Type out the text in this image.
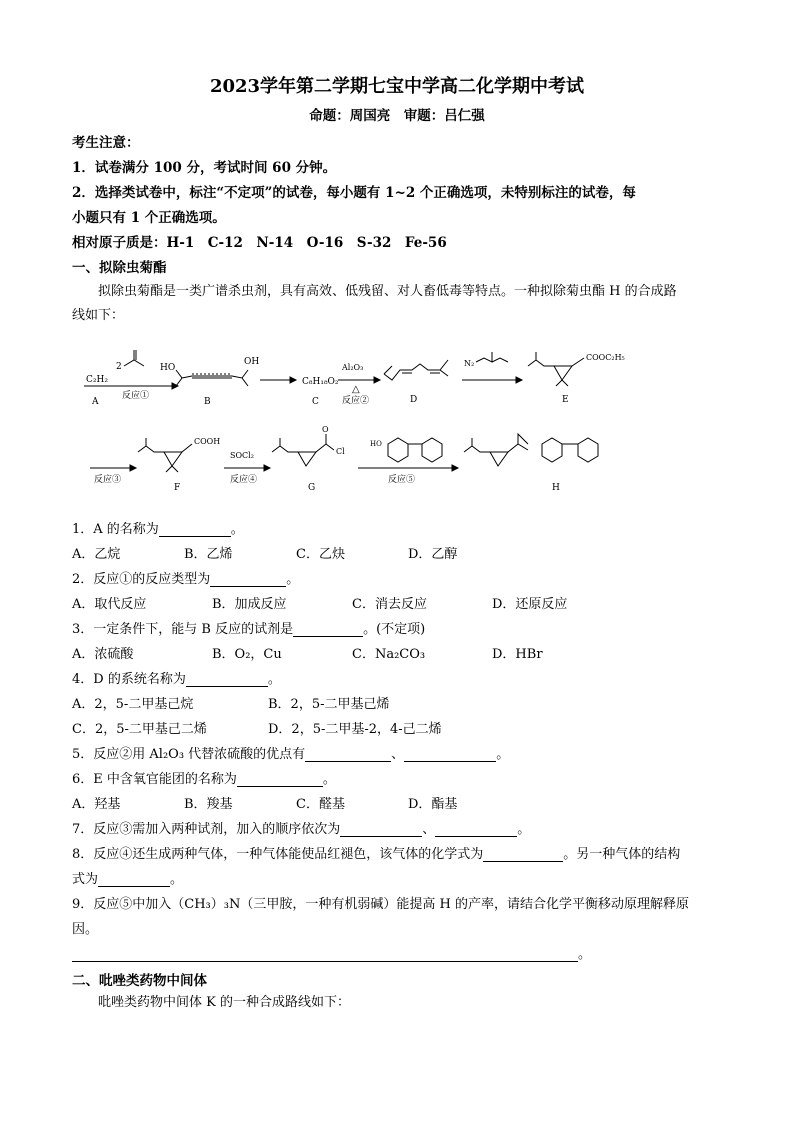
2023学年第二学期七宝中学高二化学期中考试
命题：周国亮　审题：吕仁强
考生注意：
1．试卷满分 100 分，考试时间 60 分钟。
2．选择类试卷中，标注“不定项”的试卷，每小题有 1~2 个正确选项，未特别标注的试卷，每
小题只有 1 个正确选项。
相对原子质是：H-1　C-12　N-14　O-16　S-32　Fe-56
一、拟除虫菊酯
拟除虫菊酯是一类广谱杀虫剂，具有高效、低残留、对人畜低毒等特点。一种拟除菊虫酯 H 的合成路
线如下：
C₂H₂
A
2
反应①
HO
OH
B
C₈H₁₈O₂
C
Al₂O₃
△
反应②	D
N₂
COOC₂H₅
E
反应③
COOH
F
SOCl₂
反应④
O
Cl
G
HO
反应⑤
H
1．A 的名称为	。
A．乙烷	B．乙烯	C．乙炔	D．乙醇
2．反应①的反应类型为	。
A．取代反应	B．加成反应	C．消去反应	D．还原反应
3．一定条件下，能与 B 反应的试剂是	。(不定项)
A．浓硫酸	B．O₂，Cu	C．Na₂CO₃	D．HBr
4．D 的系统名称为	。
A．2，5-二甲基己烷	B．2，5-二甲基己烯
C．2，5-二甲基己二烯	D．2，5-二甲基-2，4-己二烯
5．反应②用 Al₂O₃ 代替浓硫酸的优点有	、	。
6．E 中含氧官能团的名称为	。
A．羟基	B．羧基	C．醛基	D．酯基
7．反应③需加入两种试剂，加入的顺序依次为	、	。
8．反应④还生成两种气体，一种气体能使品红褪色，该气体的化学式为	。另一种气体的结构
式为	。
9．反应⑤中加入（CH₃）₃N（三甲胺，一种有机弱碱）能提高 H 的产率，请结合化学平衡移动原理解释原
因。
。
二、吡唑类药物中间体
吡唑类药物中间体 K 的一种合成路线如下：
